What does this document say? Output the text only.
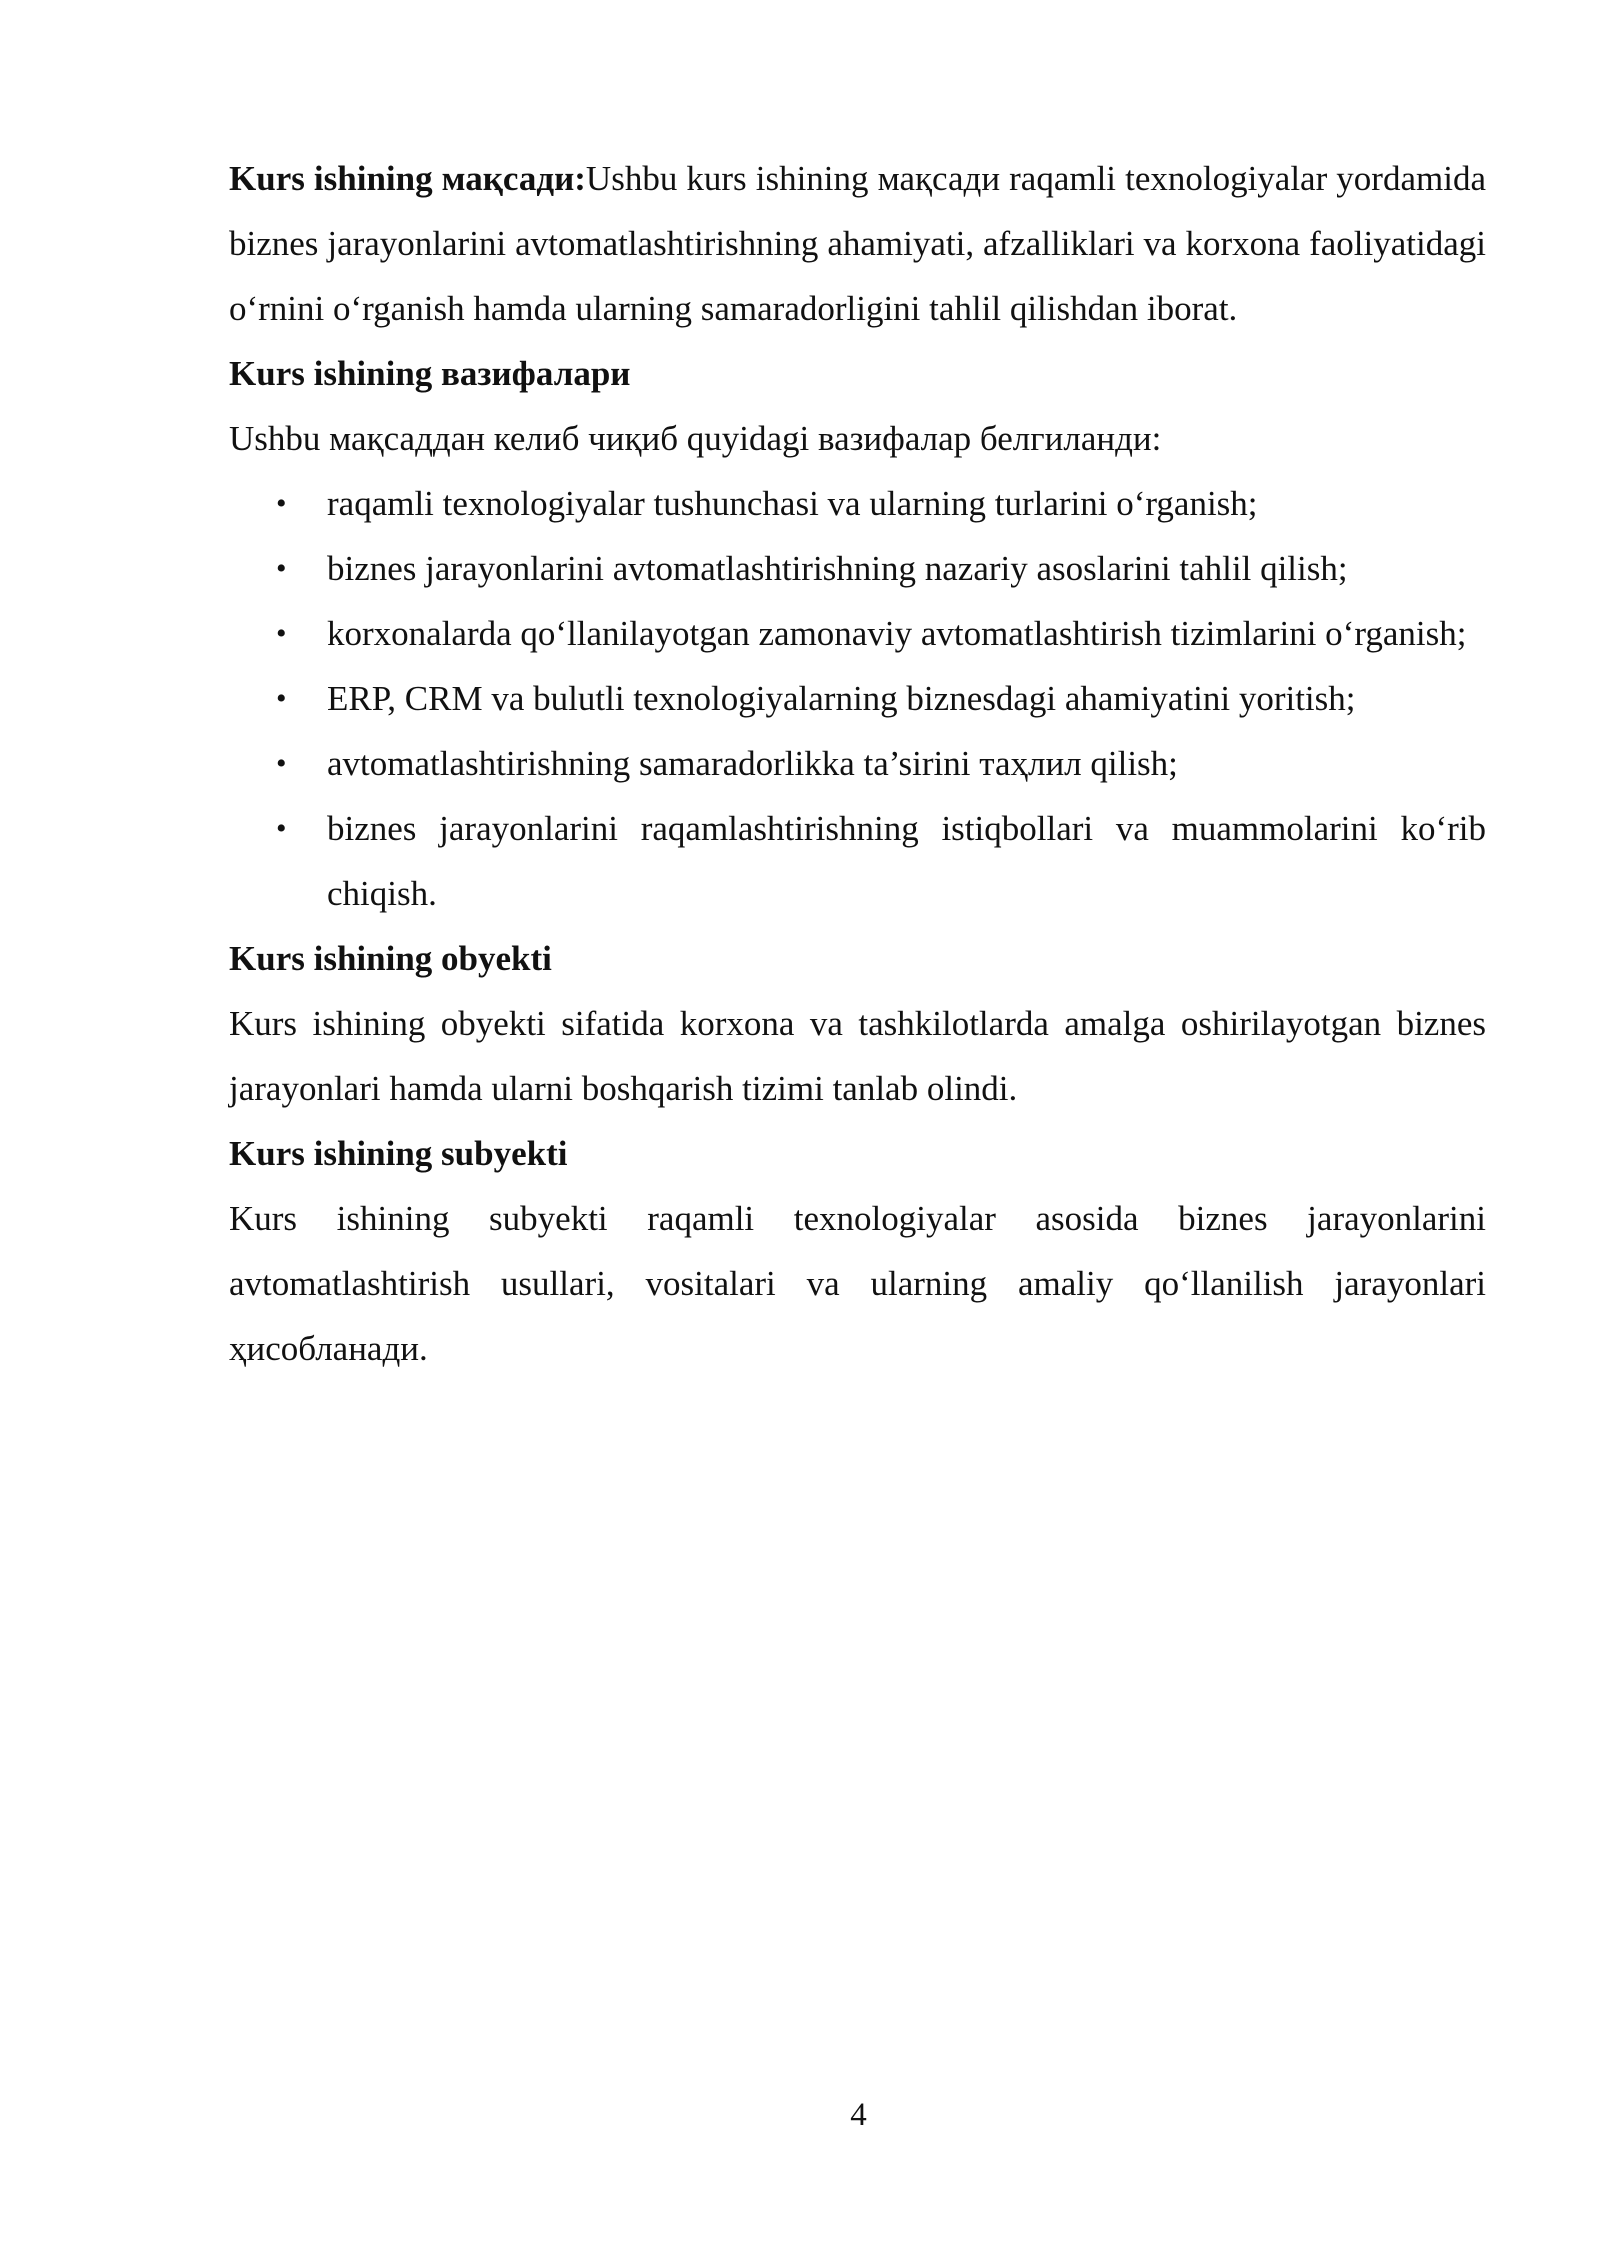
Kurs ishining мақсади:Ushbu kurs ishining мақсади raqamli texnologiyalar yordamida biznes jarayonlarini avtomatlashtirishning ahamiyati, afzalliklari va korxona faoliyatidagi o‘rnini o‘rganish hamda ularning samaradorligini tahlil qilishdan iborat.

Kurs ishining вазифалари

Ushbu мақсаддан келиб чиқиб quyidagi вазифалар белгиланди:

• raqamli texnologiyalar tushunchasi va ularning turlarini o‘rganish;
• biznes jarayonlarini avtomatlashtirishning nazariy asoslarini tahlil qilish;
• korxonalarda qo‘llanilayotgan zamonaviy avtomatlashtirish tizimlarini o‘rganish;
• ERP, CRM va bulutli texnologiyalarning biznesdagi ahamiyatini yoritish;
• avtomatlashtirishning samaradorlikka ta’sirini таҳлил qilish;
• biznes jarayonlarini raqamlashtirishning istiqbollari va muammolarini ko‘rib chiqish.

Kurs ishining obyekti

Kurs ishining obyekti sifatida korxona va tashkilotlarda amalga oshirilayotgan biznes jarayonlari hamda ularni boshqarish tizimi tanlab olindi.

Kurs ishining subyekti

Kurs ishining subyekti raqamli texnologiyalar asosida biznes jarayonlarini avtomatlashtirish usullari, vositalari va ularning amaliy qo‘llanilish jarayonlari ҳисобланади.

4
